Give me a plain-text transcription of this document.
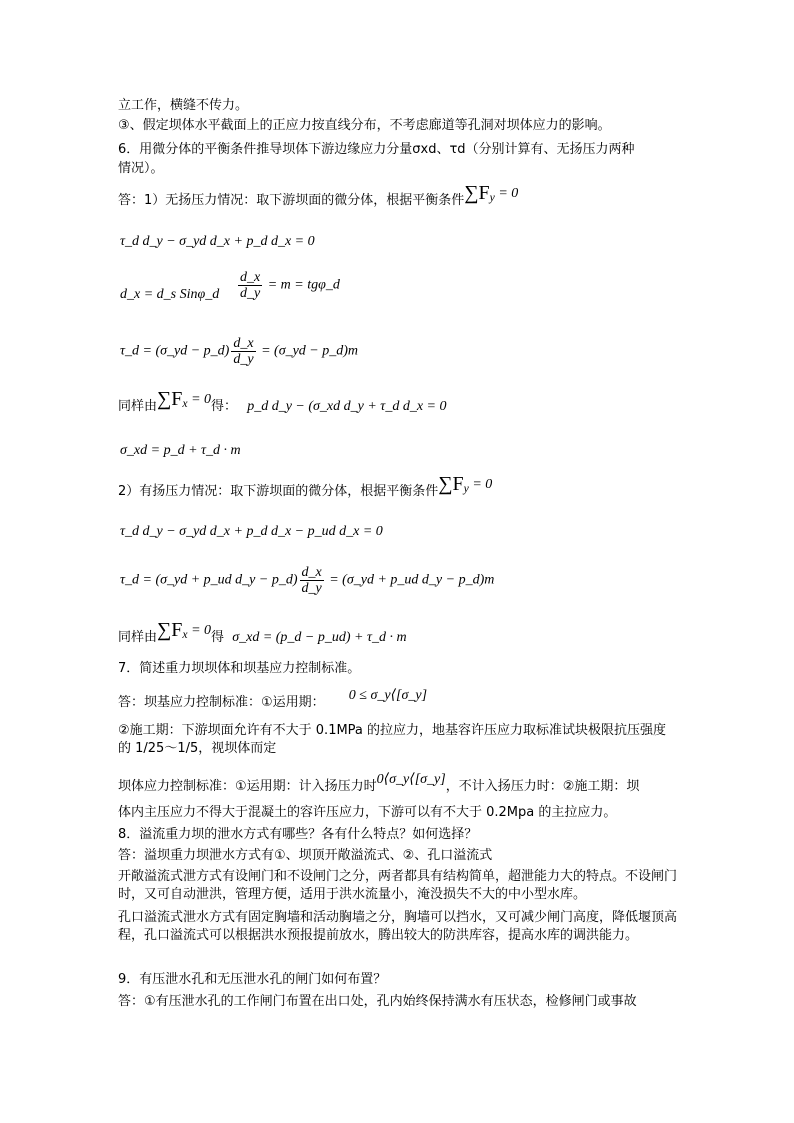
立工作，横缝不传力。
③、假定坝体水平截面上的正应力按直线分布，不考虑廊道等孔洞对坝体应力的影响。
6．用微分体的平衡条件推导坝体下游边缘应力分量σxd、τd（分别计算有、无扬压力两种
情况）。
答：1）无扬压力情况：取下游坝面的微分体，根据平衡条件$\sum F_y = 0$
τ_d d_y − σ_yd d_x + p_d d_x = 0
d_x = d_s Sinφ_d $\frac{d\_x}{d\_y} = m$ = tgφ_d
τ_d = (σ_yd − p_d) $\frac{d\_x}{d\_y}$ = (σ_yd − p_d)m
同样由$\sum F_x = 0$得： p_d d_y − (σ_xd d_y + τ_d d_x = 0
σ_xd = p_d + τ_d · m
2）有扬压力情况：取下游坝面的微分体，根据平衡条件$\sum F_y = 0$
τ_d d_y − σ_yd d_x + p_d d_x − p_ud d_x = 0
τ_d = (σ_yd + p_ud d_y − p_d) $\frac{d\_x}{d\_y}$ = (σ_yd + p_ud d_y − p_d)m
同样由$\sum F_x = 0$得 σ_xd = (p_d − p_ud) + τ_d · m
7．简述重力坝坝体和坝基应力控制标准。
答：坝基应力控制标准：①运用期： 0 ≤ σ_y⟨[σ_y]
②施工期：下游坝面允许有不大于 0.1MPa 的拉应力，地基容许压应力取标准试块极限抗压强度的 1/25～1/5，视坝体而定
坝体应力控制标准：①运用期：计入扬压力时0⟨σ_y⟨[σ_y]，不计入扬压力时：②施工期：坝
体内主压应力不得大于混凝土的容许压应力，下游可以有不大于 0.2Mpa 的主拉应力。
8．溢流重力坝的泄水方式有哪些？各有什么特点？如何选择？
答：溢坝重力坝泄水方式有①、坝顶开敞溢流式、②、孔口溢流式
开敞溢流式泄方式有设闸门和不设闸门之分，两者都具有结构简单，超泄能力大的特点。不设闸门时，又可自动泄洪，管理方便，适用于洪水流量小，淹没损失不大的中小型水库。
孔口溢流式泄水方式有固定胸墙和活动胸墙之分，胸墙可以挡水，又可减少闸门高度，降低堰顶高程，孔口溢流式可以根据洪水预报提前放水，腾出较大的防洪库容，提高水库的调洪能力。
9．有压泄水孔和无压泄水孔的闸门如何布置？
答：①有压泄水孔的工作闸门布置在出口处，孔内始终保持满水有压状态，检修闸门或事故
